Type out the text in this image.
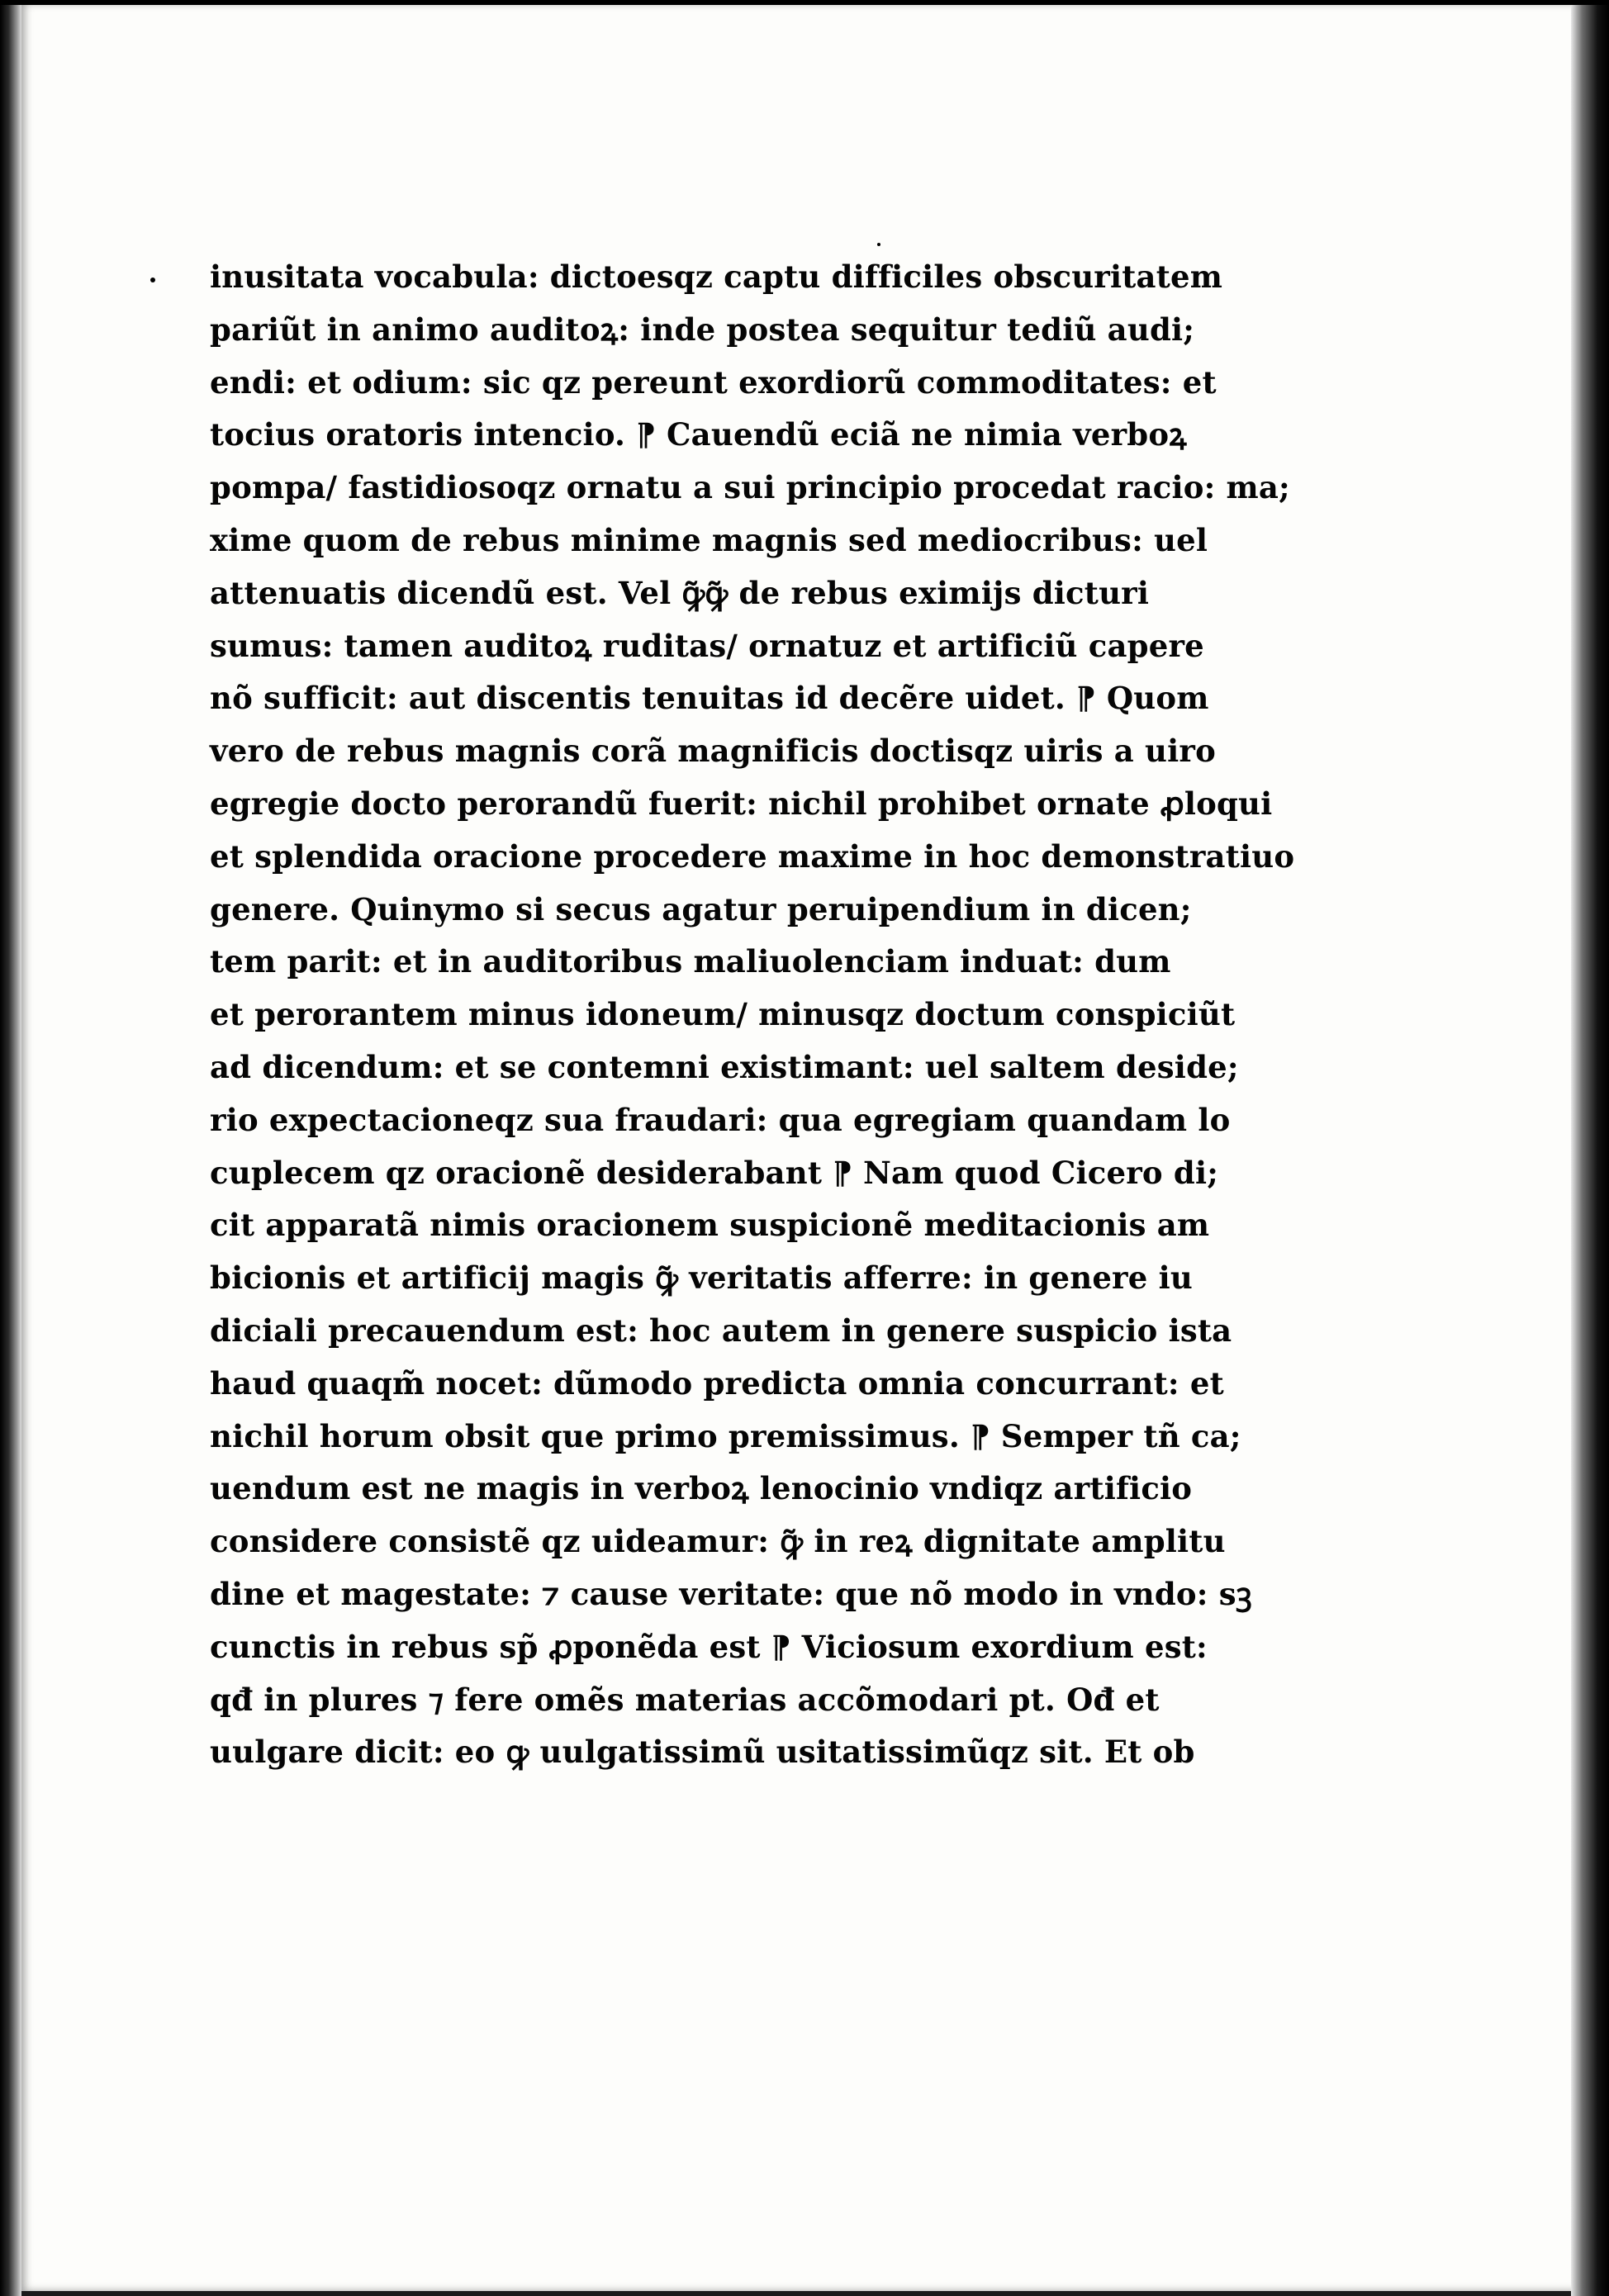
inusitata vocabula: dictoesqz captu difficiles obscuritatem
pariũt in animo auditoꝝ: inde postea sequitur tediũ audi;
endi: et odium: sic qz pereunt exordiorũ commoditates: et
tocius oratoris intencio. ⁋ Cauendũ eciã ne nimia verboꝝ
pompa/ fastidiosoqz ornatu a sui principio procedat racio: ma;
xime quom de rebus minime magnis sed mediocribus: uel
attenuatis dicendũ est. Vel ꝙ̃ꝙ̃ de rebus eximijs dicturi
sumus: tamen auditoꝝ ruditas/ ornatuz et artificiũ capere
nõ sufficit: aut discentis tenuitas id decẽre uidet. ⁋ Quom
vero de rebus magnis corã magnificis doctisqz uiris a uiro
egregie docto perorandũ fuerit: nichil prohibet ornate ꝓloqui
et splendida oracione procedere maxime in hoc demonstratiuo
genere. Quinymo si secus agatur peruipendium in dicen;
tem parit: et in auditoribus maliuolenciam induat: dum
et perorantem minus idoneum/ minusqz doctum conspiciũt
ad dicendum: et se contemni existimant: uel saltem deside;
rio expectacioneqz sua fraudari: qua egregiam quandam lo
cuplecem qz oracionẽ desiderabant ⁋ Nam quod Cicero di;
cit apparatã nimis oracionem suspicionẽ meditacionis am
bicionis et artificij magis ꝙ̃ veritatis afferre: in genere iu
diciali precauendum est: hoc autem in genere suspicio ista
haud quaqm̃ nocet: dũmodo predicta omnia concurrant: et
nichil horum obsit que primo premissimus. ⁋ Semper tñ ca;
uendum est ne magis in verboꝝ lenocinio vndiqz artificio
considere consistẽ qz uideamur: ꝙ̃ in reꝝ dignitate amplitu
dine et magestate: ⁊ cause veritate: que nõ modo in vndo: sꝫ
cunctis in rebus sp̃ ꝓponẽda est ⁋ Viciosum exordium est:
qđ in plures ⁊ fere omẽs materias accõmodari pt. Ođ et
uulgare dicit: eo ꝙ uulgatissimũ usitatissimũqz sit. Et ob
